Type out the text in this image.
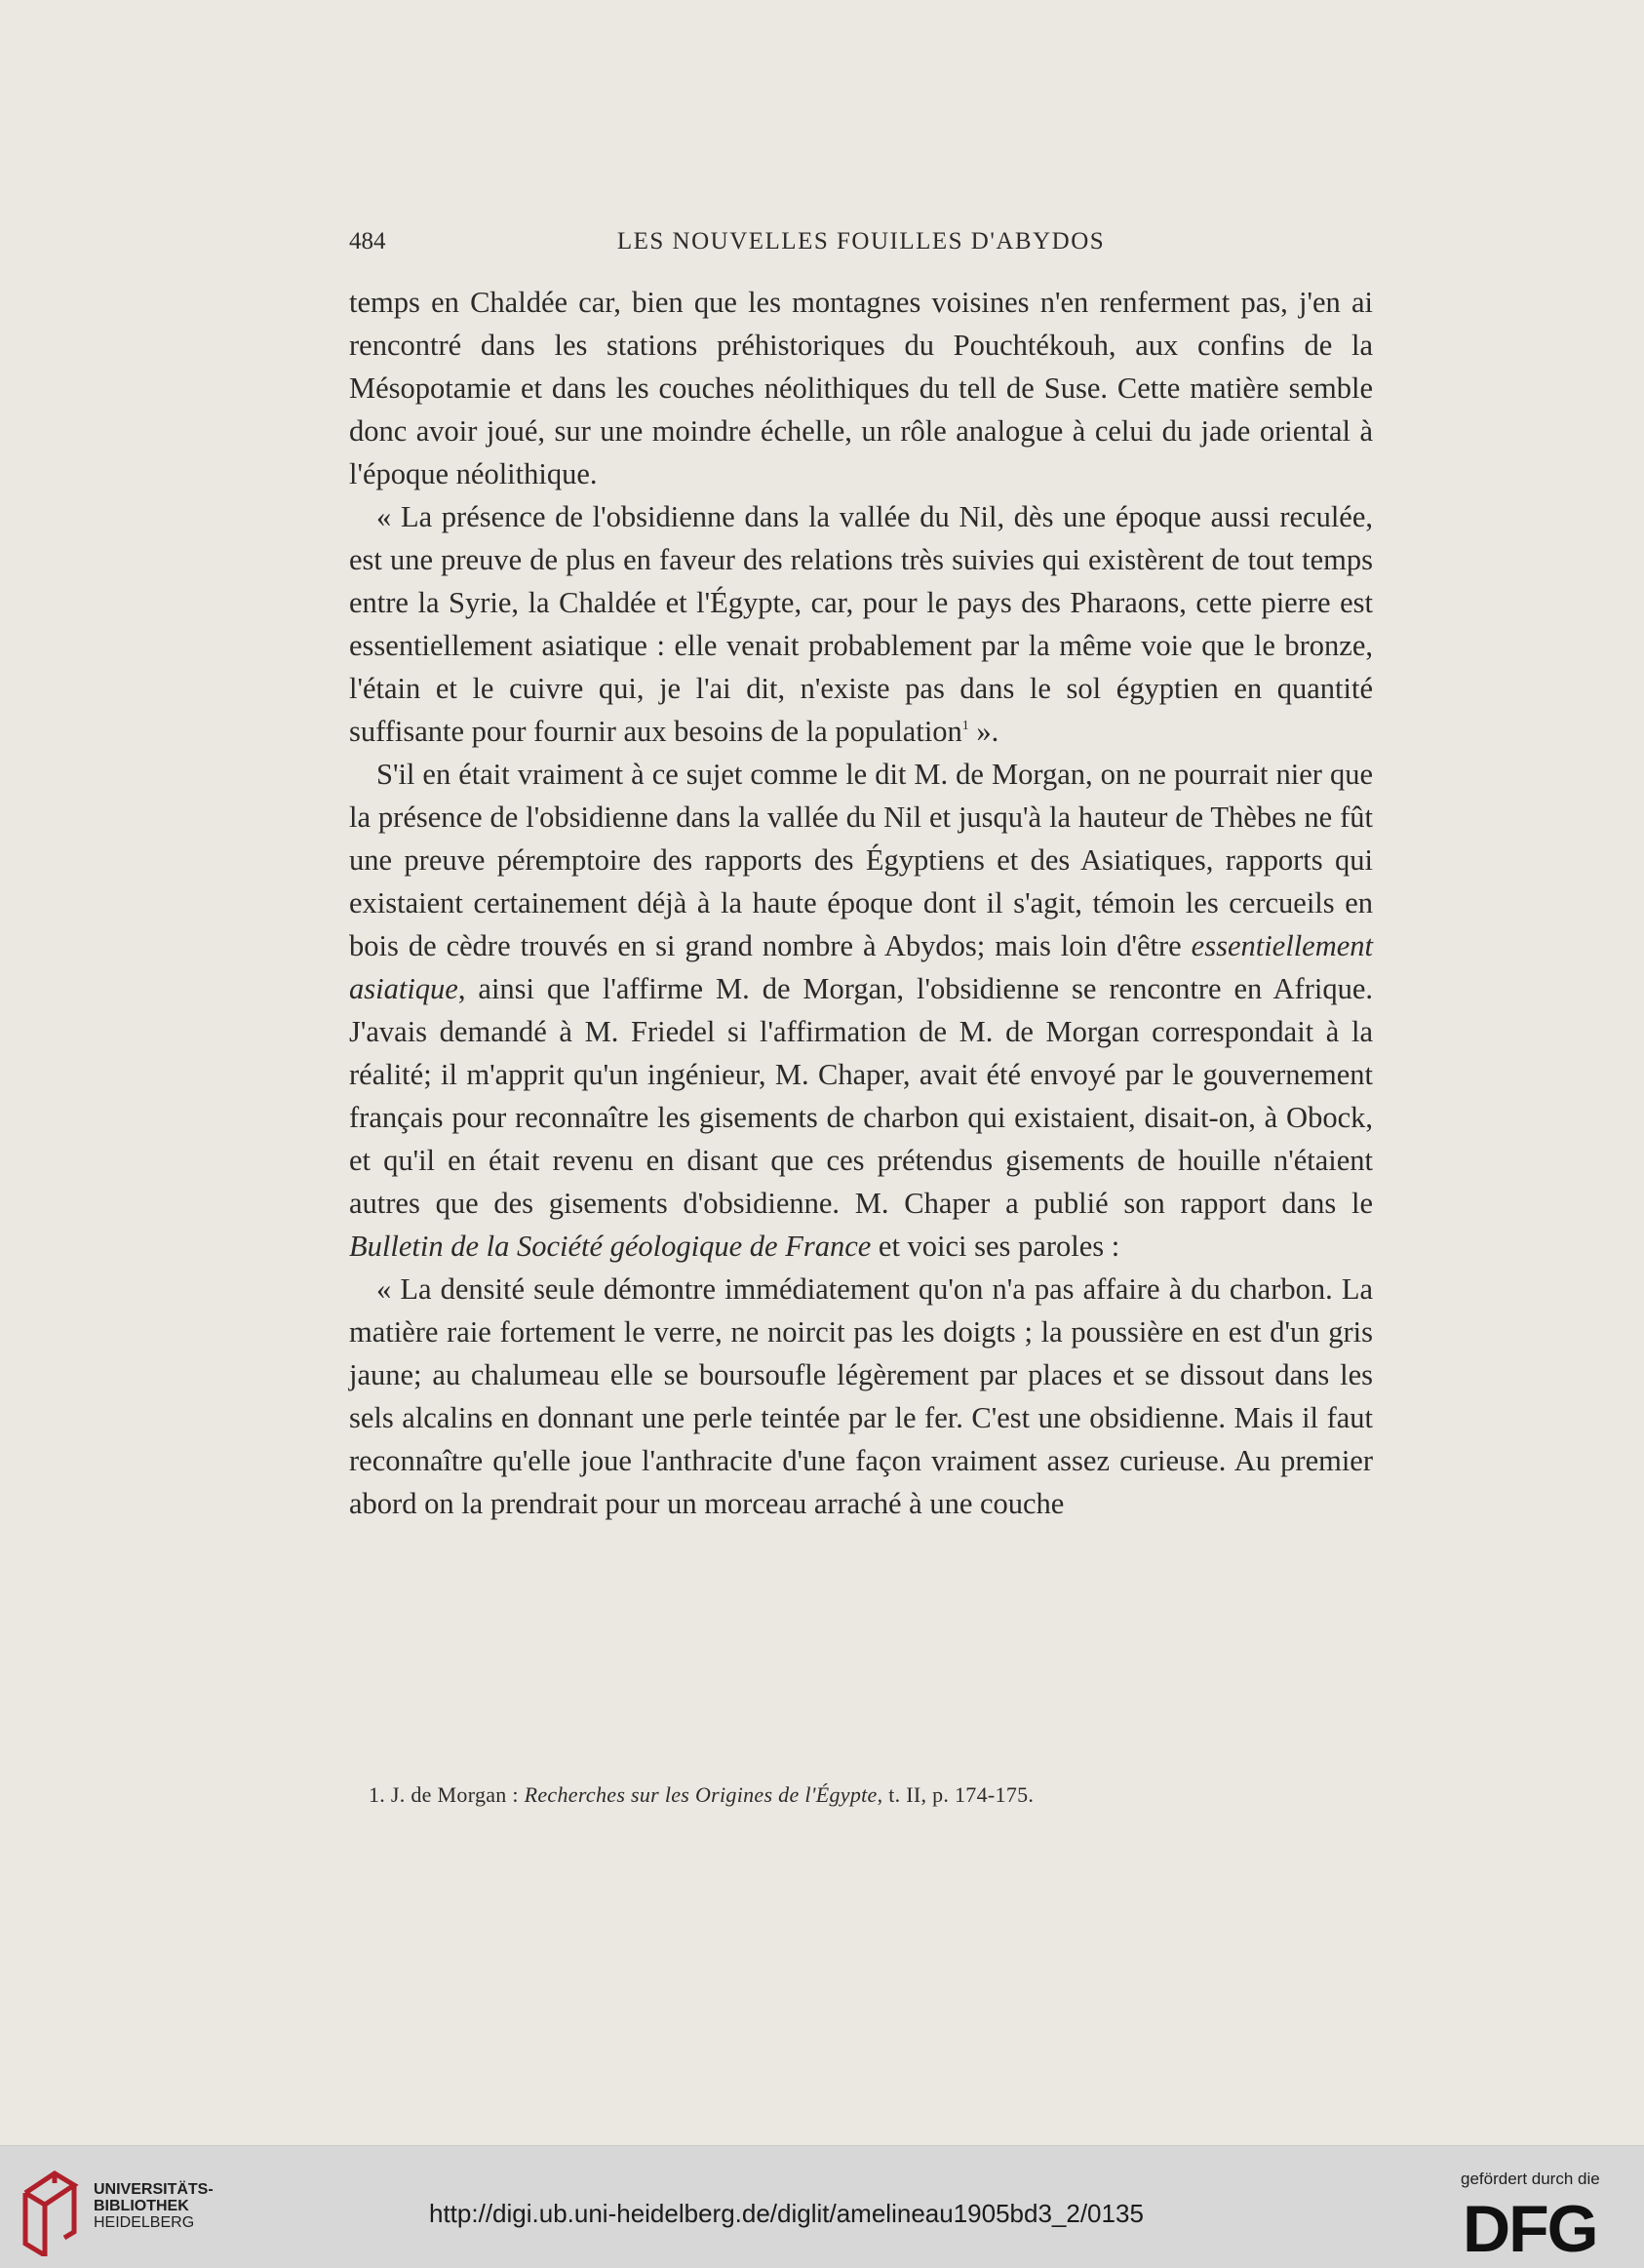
484	LES NOUVELLES FOUILLES D'ABYDOS

temps en Chaldée car, bien que les montagnes voisines n'en renferment pas, j'en ai rencontré dans les stations préhistoriques du Pouchtékouh, aux confins de la Mésopotamie et dans les couches néolithiques du tell de Suse. Cette matière semble donc avoir joué, sur une moindre échelle, un rôle analogue à celui du jade oriental à l'époque néolithique.

« La présence de l'obsidienne dans la vallée du Nil, dès une époque aussi reculée, est une preuve de plus en faveur des relations très suivies qui existèrent de tout temps entre la Syrie, la Chaldée et l'Égypte, car, pour le pays des Pharaons, cette pierre est essentiellement asiatique : elle venait probablement par la même voie que le bronze, l'étain et le cuivre qui, je l'ai dit, n'existe pas dans le sol égyptien en quantité suffisante pour fournir aux besoins de la population$^1$ ».

S'il en était vraiment à ce sujet comme le dit M. de Morgan, on ne pourrait nier que la présence de l'obsidienne dans la vallée du Nil et jusqu'à la hauteur de Thèbes ne fût une preuve péremptoire des rapports des Égyptiens et des Asiatiques, rapports qui existaient certainement déjà à la haute époque dont il s'agit, témoin les cercueils en bois de cèdre trouvés en si grand nombre à Abydos; mais loin d'être essentiellement asiatique, ainsi que l'affirme M. de Morgan, l'obsidienne se rencontre en Afrique. J'avais demandé à M. Friedel si l'affirmation de M. de Morgan correspondait à la réalité; il m'apprit qu'un ingénieur, M. Chaper, avait été envoyé par le gouvernement français pour reconnaître les gisements de charbon qui existaient, disait-on, à Obock, et qu'il en était revenu en disant que ces prétendus gisements de houille n'étaient autres que des gisements d'obsidienne. M. Chaper a publié son rapport dans le Bulletin de la Société géologique de France et voici ses paroles :

« La densité seule démontre immédiatement qu'on n'a pas affaire à du charbon. La matière raie fortement le verre, ne noircit pas les doigts ; la poussière en est d'un gris jaune; au chalumeau elle se boursoufle légèrement par places et se dissout dans les sels alcalins en donnant une perle teintée par le fer. C'est une obsidienne. Mais il faut reconnaître qu'elle joue l'anthracite d'une façon vraiment assez curieuse. Au premier abord on la prendrait pour un morceau arraché à une couche

1. J. de Morgan : Recherches sur les Origines de l'Égypte, t. II, p. 174-175.
UNIVERSITÄTS-
BIBLIOTHEK
HEIDELBERG	http://digi.ub.uni-heidelberg.de/diglit/amelineau1905bd3_2/0135
gefördert durch die
DFG
